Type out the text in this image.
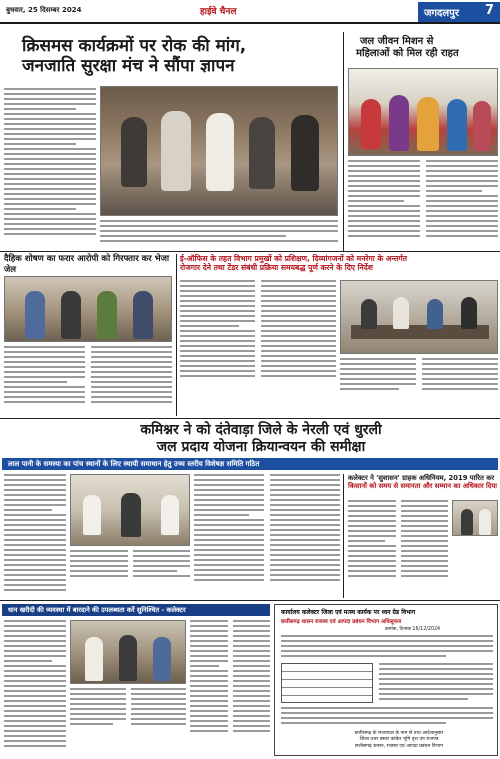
बुधवार, 25 दिसम्बर 2024	हाईवे चैनल	जगदलपुर 7
क्रिसमस कार्यक्रमों पर रोक की मांग,
जनजाति सुरक्षा मंच ने सौंपा ज्ञापन
जल जीवन मिशन से
महिलाओं को मिल रही राहत
दैहिक शोषण का फरार आरोपी को गिरफ्तार कर भेजा जेल
ई-ऑफिस के तहत विभाग प्रमुखों को प्रशिक्षण, दिव्यांगजनों को मनरेगा के अन्तर्गत
रोजगार देने तथा टेंडर संबंधी प्रक्रिया समयबद्ध पूर्ण करने के दिए निर्देश
कमिश्नर ने को दंतेवाड़ा जिले के नेरली एवं धुरली
जल प्रदाय योजना क्रियान्वयन की समीक्षा
लाल पानी के समस्या का पांच स्थानों के लिए स्थायी समाधान हेतु उच्च स्तरीय विशेषज्ञ समिति गठित
कलेक्टर ने 'सुशासन' ग्राहक अधिनियम, 2019 पारित कर
किसानों को समय से समानता और सम्मान का अधिकार दिया
धान खरीदी की व्यवस्था में बारदाने की उपलब्धता करें सुनिश्चित - कलेक्टर	कार्यालय कलेक्टर जिला एवं मत्स्य कार्यक पर ध्वन ग्रेड विभाग
छत्तीसगढ़ शासन राजस्व एवं आपदा प्रबंधन विभाग अधिसूचना
क्रमांक, दिनांक 16/12/2024
छत्तीसगढ़ के राज्यपाल के नाम से तथा आदेशानुसार
जिला उत्तर बस्तर कांकेर भूमि वृत्त उप राजपत्र
छत्तीसगढ़ शासन, राजस्व एवं आपदा प्रबंधन विभाग
